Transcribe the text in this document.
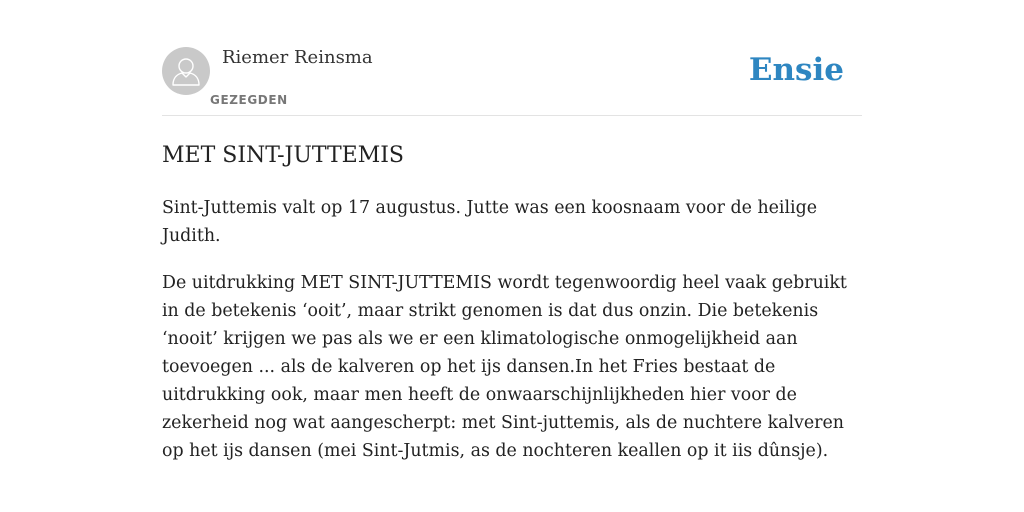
Riemer Reinsma
GEZEGDEN
Ensie
MET SINT-JUTTEMIS

Sint-Juttemis valt op 17 augustus. Jutte was een koosnaam voor de heilige Judith.

De uitdrukking MET SINT-JUTTEMIS wordt tegenwoordig heel vaak gebruikt in de betekenis ‘ooit’, maar strikt genomen is dat dus onzin. Die betekenis ‘nooit’ krijgen we pas als we er een klimatologische onmogelijkheid aan toevoegen ... als de kalveren op het ijs dansen.In het Fries bestaat de uitdrukking ook, maar men heeft de onwaarschijnlijkheden hier voor de zekerheid nog wat aangescherpt: met Sint-juttemis, als de nuchtere kalveren op het ijs dansen (mei Sint-Jutmis, as de nochteren keallen op it iis dûnsje).
